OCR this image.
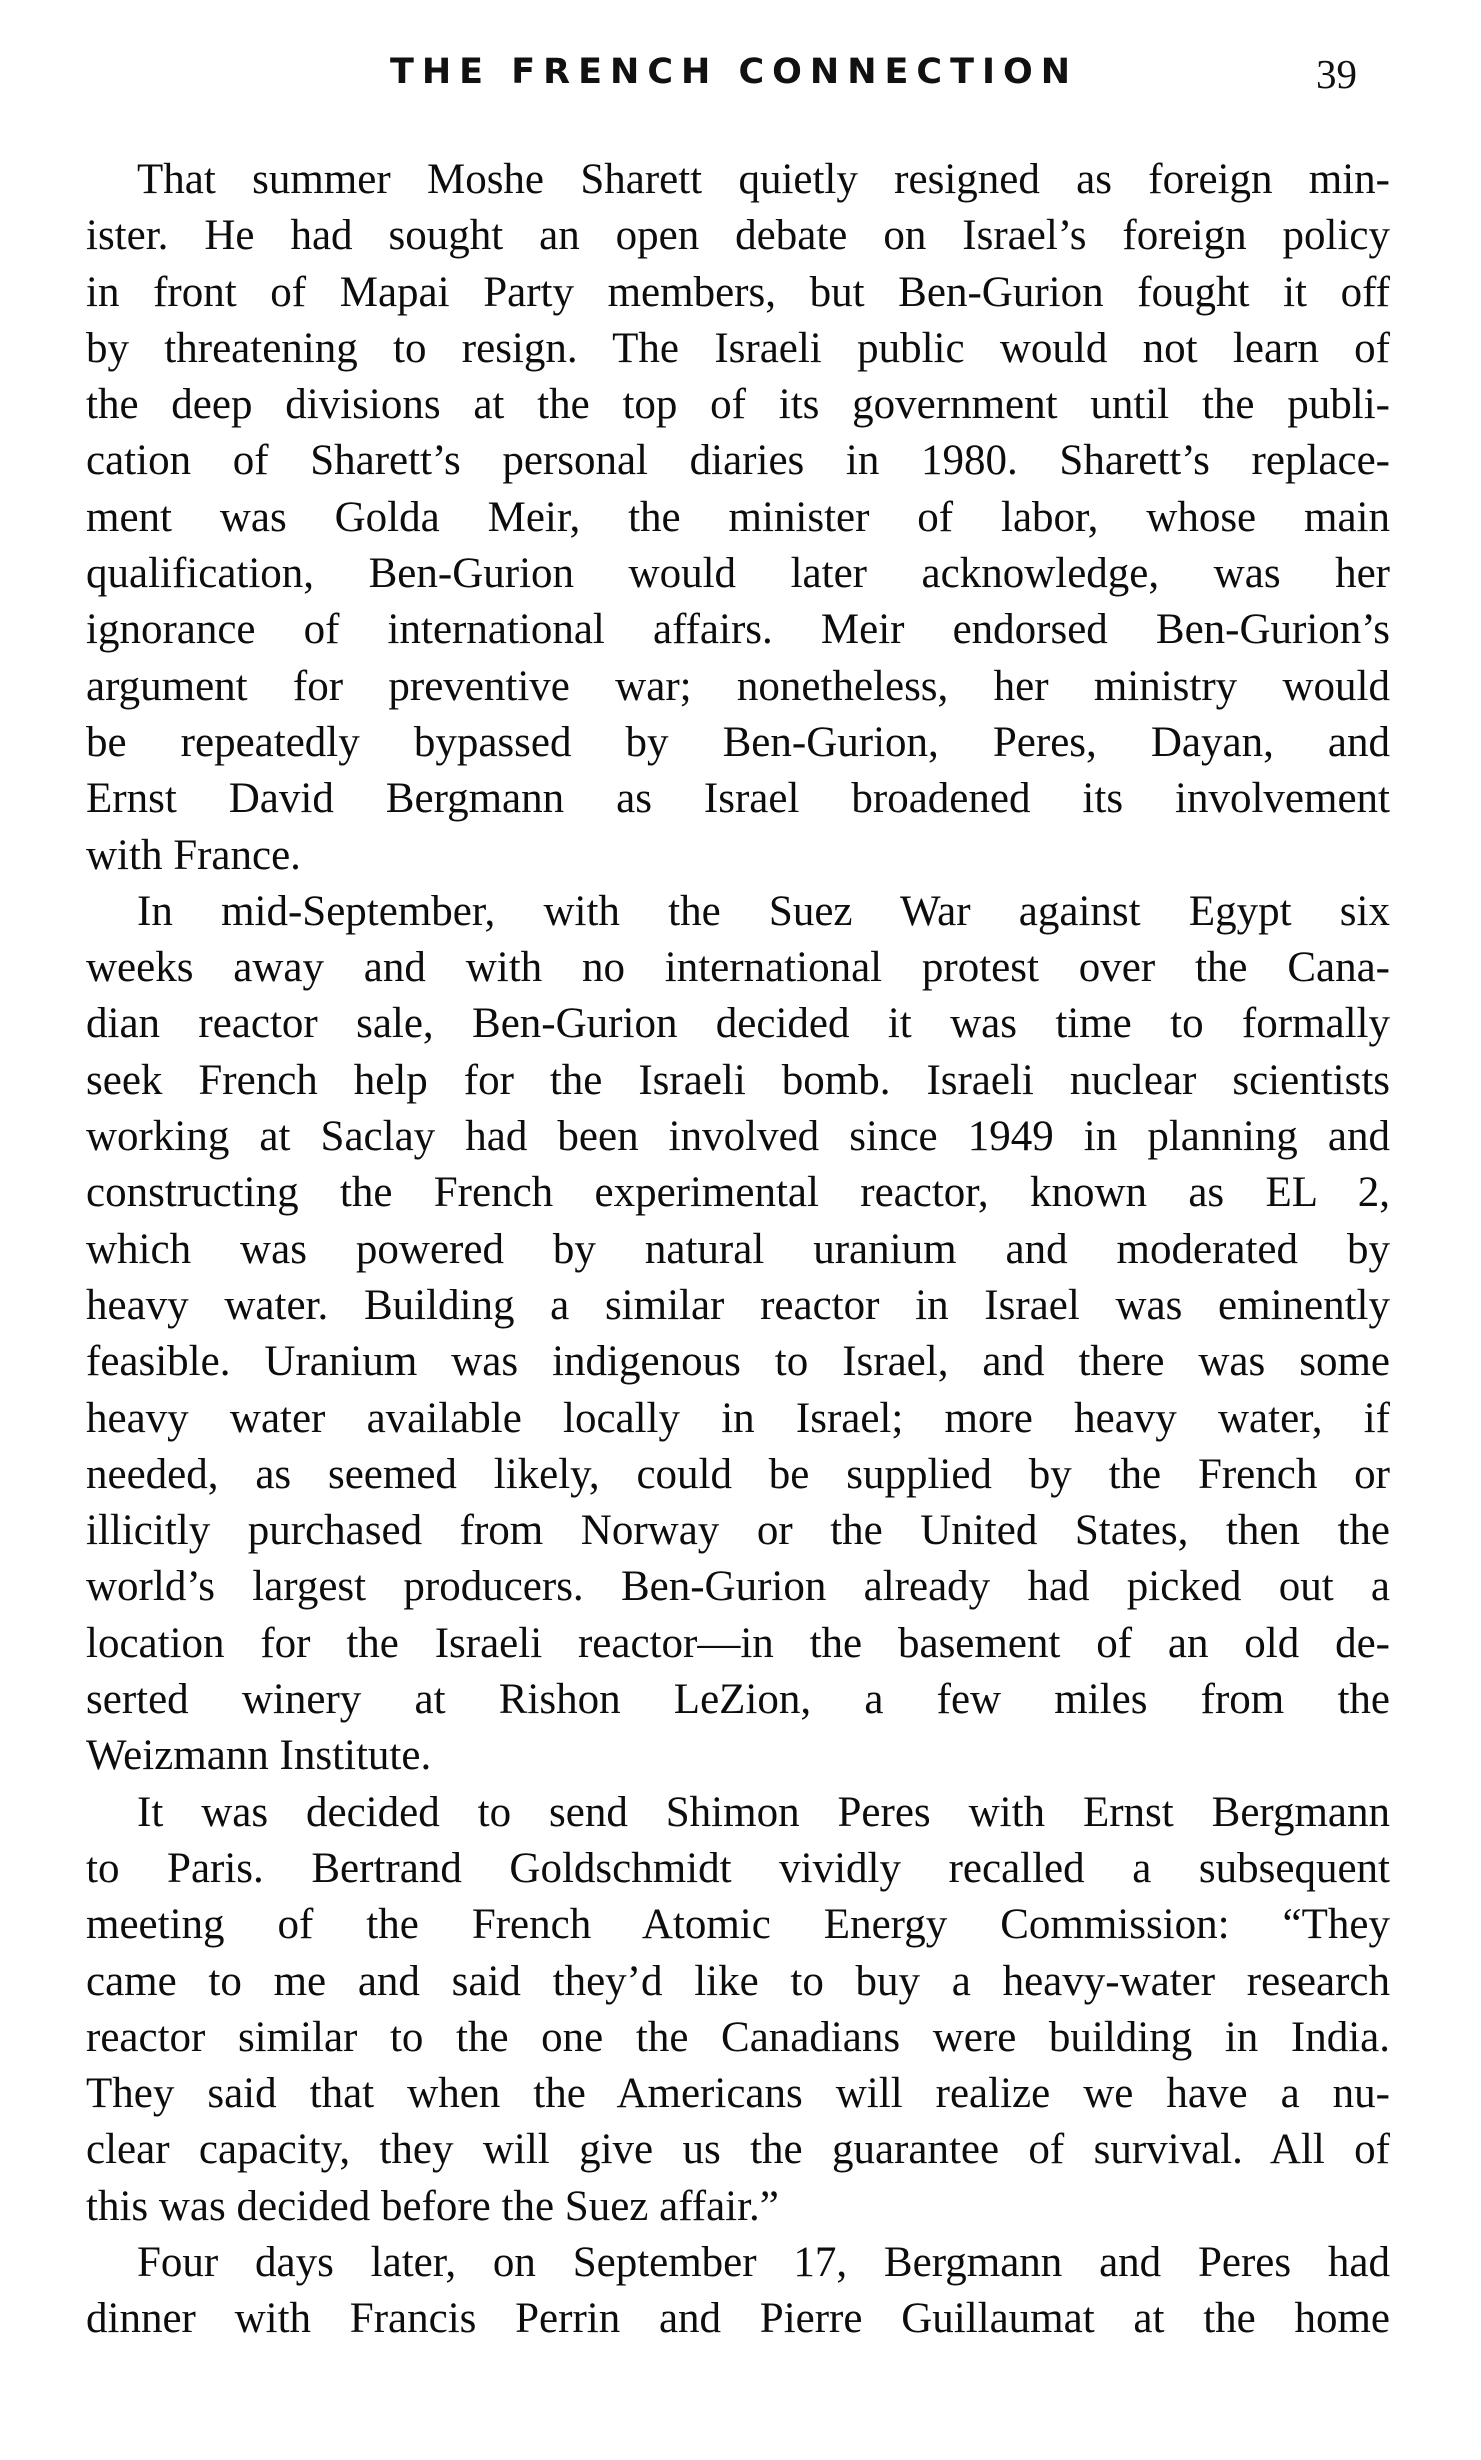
THE FRENCH CONNECTION	39

That summer Moshe Sharett quietly resigned as foreign min-
ister. He had sought an open debate on Israel’s foreign policy
in front of Mapai Party members, but Ben-Gurion fought it off
by threatening to resign. The Israeli public would not learn of
the deep divisions at the top of its government until the publi-
cation of Sharett’s personal diaries in 1980. Sharett’s replace-
ment was Golda Meir, the minister of labor, whose main
qualification, Ben-Gurion would later acknowledge, was her
ignorance of international affairs. Meir endorsed Ben-Gurion’s
argument for preventive war; nonetheless, her ministry would
be repeatedly bypassed by Ben-Gurion, Peres, Dayan, and
Ernst David Bergmann as Israel broadened its involvement
with France.

In mid-September, with the Suez War against Egypt six
weeks away and with no international protest over the Cana-
dian reactor sale, Ben-Gurion decided it was time to formally
seek French help for the Israeli bomb. Israeli nuclear scientists
working at Saclay had been involved since 1949 in planning and
constructing the French experimental reactor, known as EL 2,
which was powered by natural uranium and moderated by
heavy water. Building a similar reactor in Israel was eminently
feasible. Uranium was indigenous to Israel, and there was some
heavy water available locally in Israel; more heavy water, if
needed, as seemed likely, could be supplied by the French or
illicitly purchased from Norway or the United States, then the
world’s largest producers. Ben-Gurion already had picked out a
location for the Israeli reactor—in the basement of an old de-
serted winery at Rishon LeZion, a few miles from the
Weizmann Institute.

It was decided to send Shimon Peres with Ernst Bergmann
to Paris. Bertrand Goldschmidt vividly recalled a subsequent
meeting of the French Atomic Energy Commission: “They
came to me and said they’d like to buy a heavy-water research
reactor similar to the one the Canadians were building in India.
They said that when the Americans will realize we have a nu-
clear capacity, they will give us the guarantee of survival. All of
this was decided before the Suez affair.”

Four days later, on September 17, Bergmann and Peres had
dinner with Francis Perrin and Pierre Guillaumat at the home
